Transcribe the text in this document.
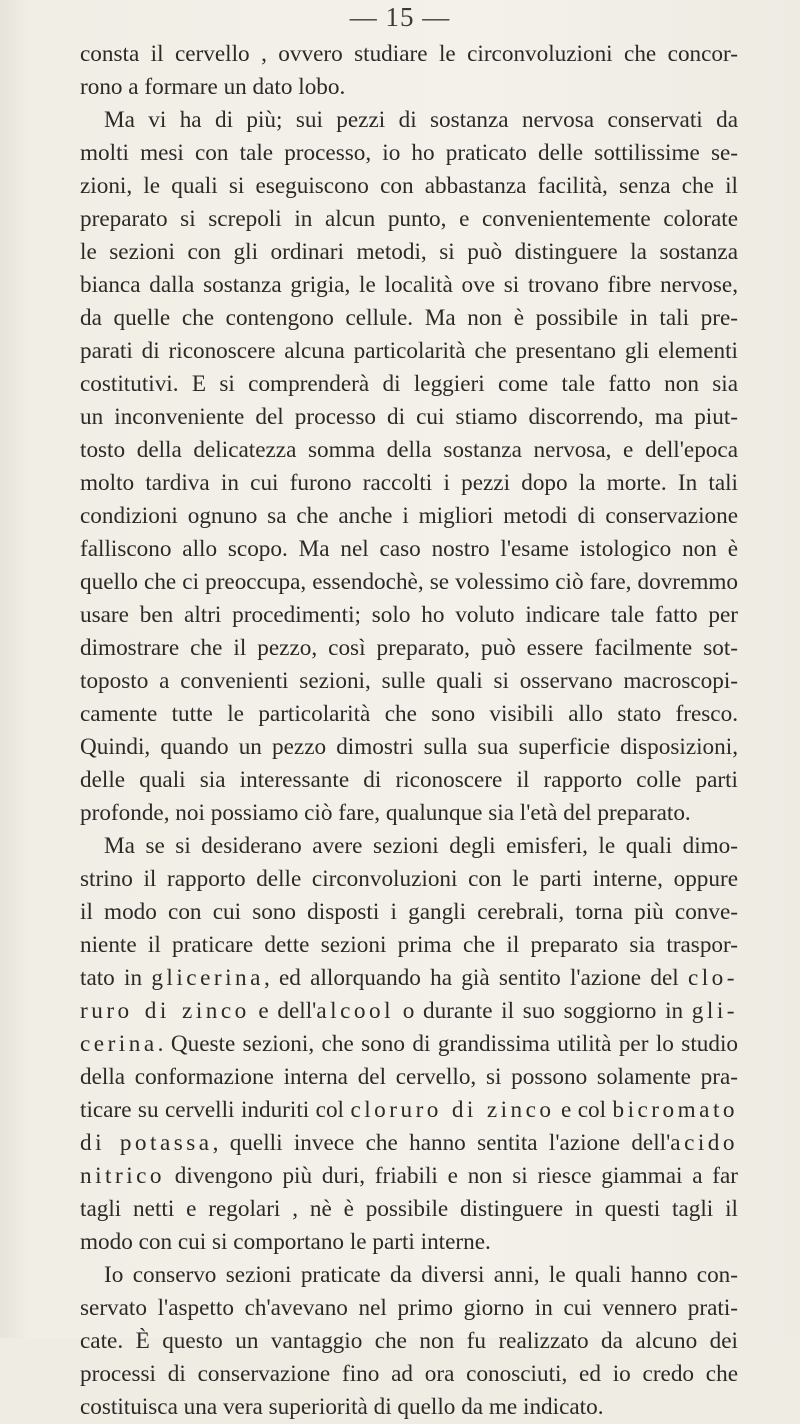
— 15 —
consta il cervello , ovvero studiare le circonvoluzioni che concor-
rono a formare un dato lobo.
Ma vi ha di più; sui pezzi di sostanza nervosa conservati da
molti mesi con tale processo, io ho praticato delle sottilissime se-
zioni, le quali si eseguiscono con abbastanza facilità, senza che il
preparato si screpoli in alcun punto, e convenientemente colorate
le sezioni con gli ordinari metodi, si può distinguere la sostanza
bianca dalla sostanza grigia, le località ove si trovano fibre nervose,
da quelle che contengono cellule. Ma non è possibile in tali pre-
parati di riconoscere alcuna particolarità che presentano gli elementi
costitutivi. E si comprenderà di leggieri come tale fatto non sia
un inconveniente del processo di cui stiamo discorrendo, ma piut-
tosto della delicatezza somma della sostanza nervosa, e dell'epoca
molto tardiva in cui furono raccolti i pezzi dopo la morte. In tali
condizioni ognuno sa che anche i migliori metodi di conservazione
falliscono allo scopo. Ma nel caso nostro l'esame istologico non è
quello che ci preoccupa, essendochè, se volessimo ciò fare, dovremmo
usare ben altri procedimenti; solo ho voluto indicare tale fatto per
dimostrare che il pezzo, così preparato, può essere facilmente sot-
toposto a convenienti sezioni, sulle quali si osservano macroscopi-
camente tutte le particolarità che sono visibili allo stato fresco.
Quindi, quando un pezzo dimostri sulla sua superficie disposizioni,
delle quali sia interessante di riconoscere il rapporto colle parti
profonde, noi possiamo ciò fare, qualunque sia l'età del preparato.
Ma se si desiderano avere sezioni degli emisferi, le quali dimo-
strino il rapporto delle circonvoluzioni con le parti interne, oppure
il modo con cui sono disposti i gangli cerebrali, torna più conve-
niente il praticare dette sezioni prima che il preparato sia traspor-
tato in glicerina, ed allorquando ha già sentito l'azione del clo-
ruro di zinco e dell'alcool o durante il suo soggiorno in gli-
cerina. Queste sezioni, che sono di grandissima utilità per lo studio
della conformazione interna del cervello, si possono solamente pra-
ticare su cervelli induriti col cloruro di zinco e col bicromato
di potassa, quelli invece che hanno sentita l'azione dell'acido
nitrico divengono più duri, friabili e non si riesce giammai a far
tagli netti e regolari , nè è possibile distinguere in questi tagli il
modo con cui si comportano le parti interne.
Io conservo sezioni praticate da diversi anni, le quali hanno con-
servato l'aspetto ch'avevano nel primo giorno in cui vennero prati-
cate. È questo un vantaggio che non fu realizzato da alcuno dei
processi di conservazione fino ad ora conosciuti, ed io credo che
costituisca una vera superiorità di quello da me indicato.
